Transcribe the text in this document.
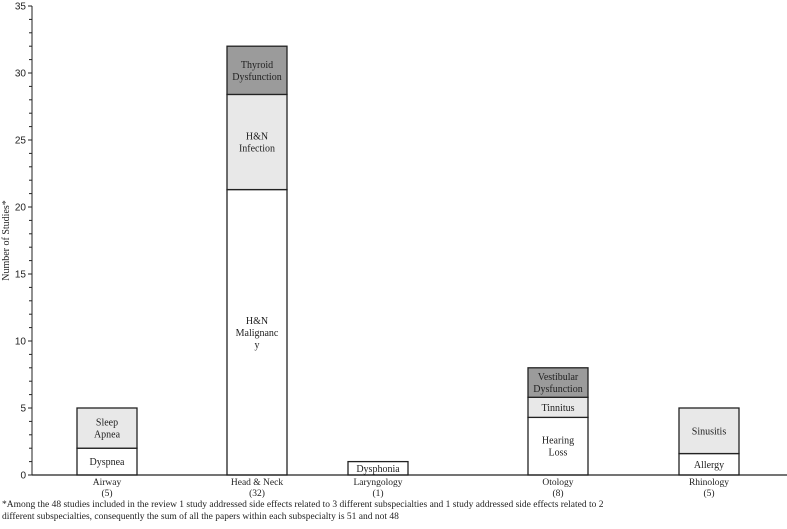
0
5
10
15
20
25
30
35
Number of Studies*
Dyspnea
Sleep
Apnea
Airway
(5)
H&N
Malignanc
y
H&N
Infection
Thyroid
Dysfunction
Head & Neck
(32)
Dysphonia
Laryngology
(1)
Hearing
Loss
Tinnitus
Vestibular
Dysfunction
Otology
(8)
Allergy
Sinusitis
Rhinology
(5)
*Among the 48 studies included in the review 1 study addressed side effects related to 3 different subspecialties and 1 study addressed side effects related to 2
different subspecialties, consequently the sum of all the papers within each subspecialty is 51 and not 48
